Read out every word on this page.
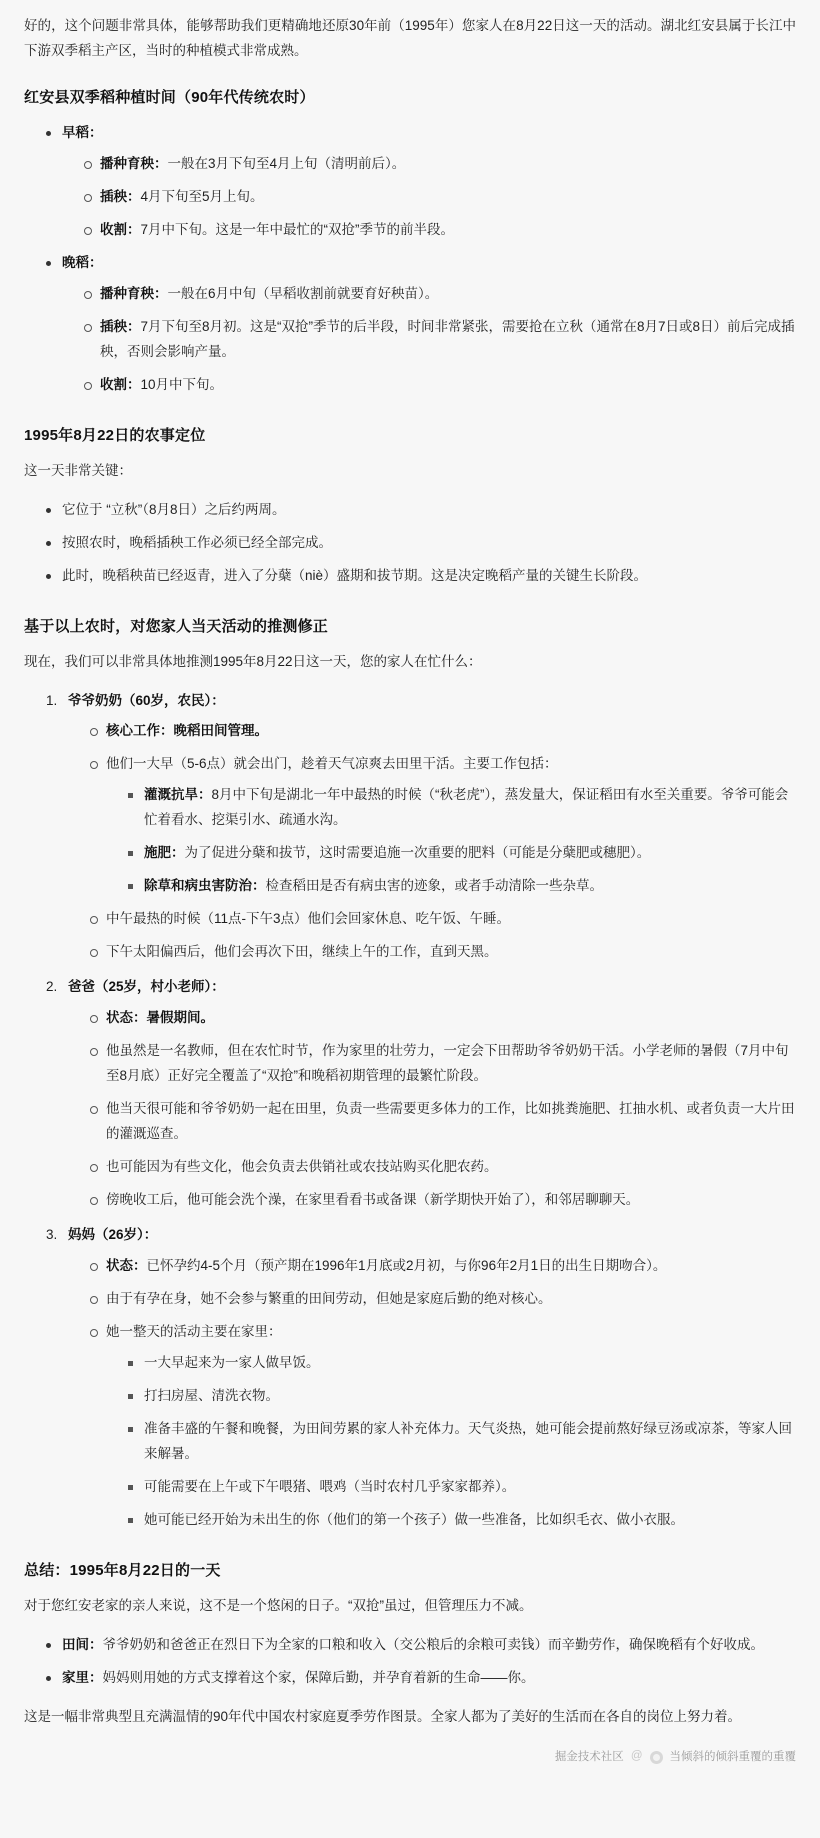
好的，这个问题非常具体，能够帮助我们更精确地还原30年前（1995年）您家人在8月22日这一天的活动。湖北红安县属于长江中下游双季稻主产区，当时的种植模式非常成熟。

红安县双季稻种植时间（90年代传统农时）
早稻：
播种育秧：一般在3月下旬至4月上旬（清明前后）。
插秧：4月下旬至5月上旬。
收割：7月中下旬。这是一年中最忙的“双抢”季节的前半段。
晚稻：
播种育秧：一般在6月中旬（早稻收割前就要育好秧苗）。
插秧：7月下旬至8月初。这是“双抢”季节的后半段，时间非常紧张，需要抢在立秋（通常在8月7日或8日）前后完成插秧，否则会影响产量。
收割：10月中下旬。
1995年8月22日的农事定位

这一天非常关键：

它位于 “立秋”（8月8日）之后约两周。
按照农时，晚稻插秧工作必须已经全部完成。
此时，晚稻秧苗已经返青，进入了分蘖（niè）盛期和拔节期。这是决定晚稻产量的关键生长阶段。
基于以上农时，对您家人当天活动的推测修正

现在，我们可以非常具体地推测1995年8月22日这一天，您的家人在忙什么：

爷爷奶奶（60岁，农民）：
核心工作：晚稻田间管理。
他们一大早（5-6点）就会出门，趁着天气凉爽去田里干活。主要工作包括：
灌溉抗旱：8月中下旬是湖北一年中最热的时候（“秋老虎”），蒸发量大，保证稻田有水至关重要。爷爷可能会忙着看水、挖渠引水、疏通水沟。
施肥：为了促进分蘖和拔节，这时需要追施一次重要的肥料（可能是分蘖肥或穗肥）。
除草和病虫害防治：检查稻田是否有病虫害的迹象，或者手动清除一些杂草。
中午最热的时候（11点-下午3点）他们会回家休息、吃午饭、午睡。
下午太阳偏西后，他们会再次下田，继续上午的工作，直到天黑。
爸爸（25岁，村小老师）：
状态：暑假期间。
他虽然是一名教师，但在农忙时节，作为家里的壮劳力，一定会下田帮助爷爷奶奶干活。小学老师的暑假（7月中旬至8月底）正好完全覆盖了“双抢”和晚稻初期管理的最繁忙阶段。
他当天很可能和爷爷奶奶一起在田里，负责一些需要更多体力的工作，比如挑粪施肥、扛抽水机、或者负责一大片田的灌溉巡查。
也可能因为有些文化，他会负责去供销社或农技站购买化肥农药。
傍晚收工后，他可能会洗个澡，在家里看看书或备课（新学期快开始了），和邻居聊聊天。
妈妈（26岁）：
状态：已怀孕约4-5个月（预产期在1996年1月底或2月初，与你96年2月1日的出生日期吻合）。
由于有孕在身，她不会参与繁重的田间劳动，但她是家庭后勤的绝对核心。
她一整天的活动主要在家里：
一大早起来为一家人做早饭。
打扫房屋、清洗衣物。
准备丰盛的午餐和晚餐，为田间劳累的家人补充体力。天气炎热，她可能会提前熬好绿豆汤或凉茶，等家人回来解暑。
可能需要在上午或下午喂猪、喂鸡（当时农村几乎家家都养）。
她可能已经开始为未出生的你（他们的第一个孩子）做一些准备，比如织毛衣、做小衣服。
总结：1995年8月22日的一天

对于您红安老家的亲人来说，这不是一个悠闲的日子。“双抢”虽过，但管理压力不减。

田间：爷爷奶奶和爸爸正在烈日下为全家的口粮和收入（交公粮后的余粮可卖钱）而辛勤劳作，确保晚稻有个好收成。
家里：妈妈则用她的方式支撑着这个家，保障后勤，并孕育着新的生命——你。

这是一幅非常典型且充满温情的90年代中国农村家庭夏季劳作图景。全家人都为了美好的生活而在各自的岗位上努力着。

掘金技术社区 @ 当倾斜的倾斜重覆的重覆
